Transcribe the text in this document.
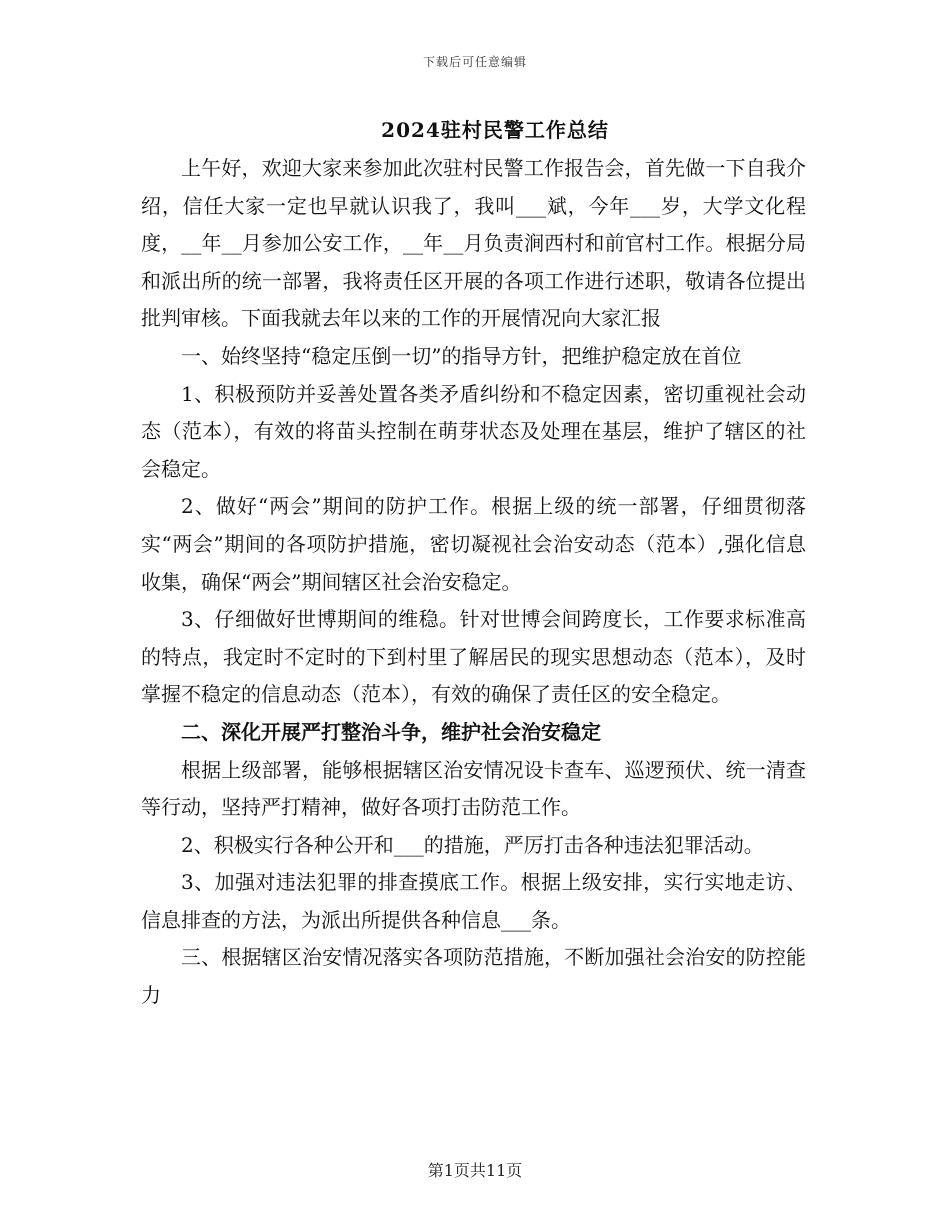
下载后可任意编辑
2024驻村民警工作总结

上午好，欢迎大家来参加此次驻村民警工作报告会，首先做一下自我介绍，信任大家一定也早就认识我了，我叫___斌，今年___岁，大学文化程度，__年__月参加公安工作，__年__月负责涧西村和前官村工作。根据分局和派出所的统一部署，我将责任区开展的各项工作进行述职，敬请各位提出批判审核。下面我就去年以来的工作的开展情况向大家汇报

一、始终坚持“稳定压倒一切”的指导方针，把维护稳定放在首位

1、积极预防并妥善处置各类矛盾纠纷和不稳定因素，密切重视社会动态（范本），有效的将苗头控制在萌芽状态及处理在基层，维护了辖区的社会稳定。

2、做好“两会”期间的防护工作。根据上级的统一部署，仔细贯彻落实“两会”期间的各项防护措施，密切凝视社会治安动态（范本）,强化信息收集，确保“两会”期间辖区社会治安稳定。

3、仔细做好世博期间的维稳。针对世博会间跨度长，工作要求标准高的特点，我定时不定时的下到村里了解居民的现实思想动态（范本），及时掌握不稳定的信息动态（范本），有效的确保了责任区的安全稳定。

二、深化开展严打整治斗争，维护社会治安稳定

根据上级部署，能够根据辖区治安情况设卡查车、巡逻预伏、统一清查等行动，坚持严打精神，做好各项打击防范工作。

2、积极实行各种公开和___的措施，严厉打击各种违法犯罪活动。

3、加强对违法犯罪的排查摸底工作。根据上级安排，实行实地走访、信息排查的方法，为派出所提供各种信息___条。

三、根据辖区治安情况落实各项防范措施，不断加强社会治安的防控能力

第1页共11页
